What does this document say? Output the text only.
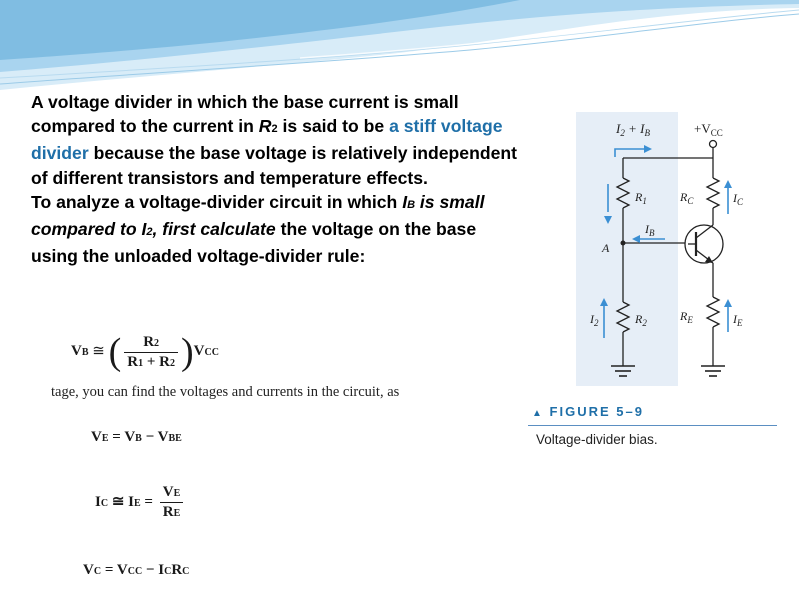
A voltage divider in which the base current is small
compared to the current in R2 is said to be a stiff voltage
divider because the base voltage is relatively independent
of different transistors and temperature effects.
To analyze a voltage-divider circuit in which IB is small
compared to I2, first calculate the voltage on the base
using the unloaded voltage-divider rule:

VB ≅ ( $\frac{R2}{R1 + R2} )VCC$
tage, you can find the voltages and currents in the circuit, as
VE = VB − VBE
IC ≅ IE = $\frac{VE}{RE}$
VC = VCC − ICRC
$I_2 + I_B$	$+V_{CC}$
$R_1$
A
$I_B$
$R_C$	$I_C$
$R_E$	$I_E$
$R_2$
$I_2$
▲ FIGURE 5–9
Voltage-divider bias.
